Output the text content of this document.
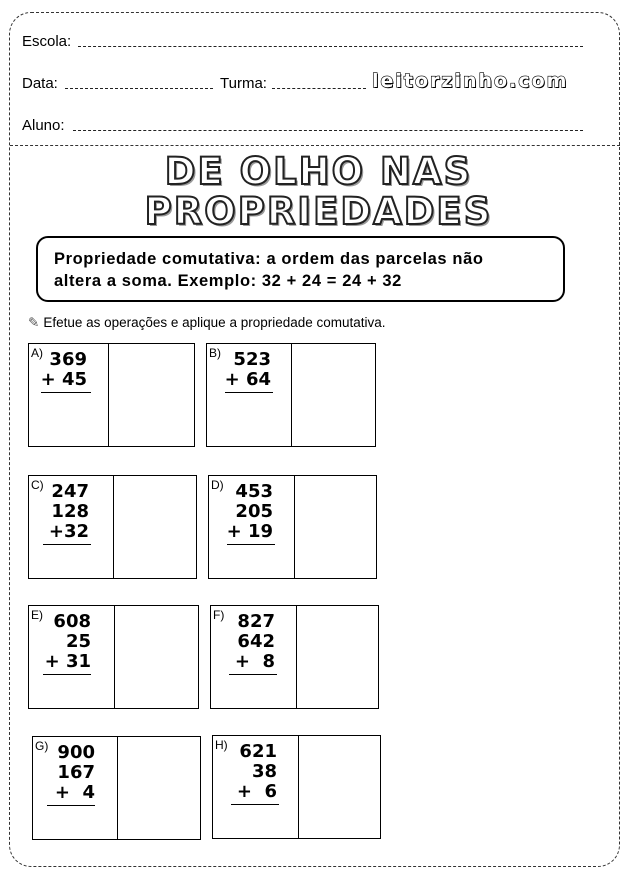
Escola:
Data:	Turma:	leitorzinho.com
Aluno:
DE OLHO NAS
PROPRIEDADES
Propriedade comutativa: a ordem das parcelas não
altera a soma. Exemplo: 32 + 24 = 24 + 32
✎ Efetue as operações e aplique a propriedade comutativa.
A) 369
+ 45
B) 523
+ 64
C) 247
128
+32
D) 453
205
+ 19
E) 608
25
+ 31
F) 827
642
+  8
G) 900
167
+  4
H) 621
38
+  6
